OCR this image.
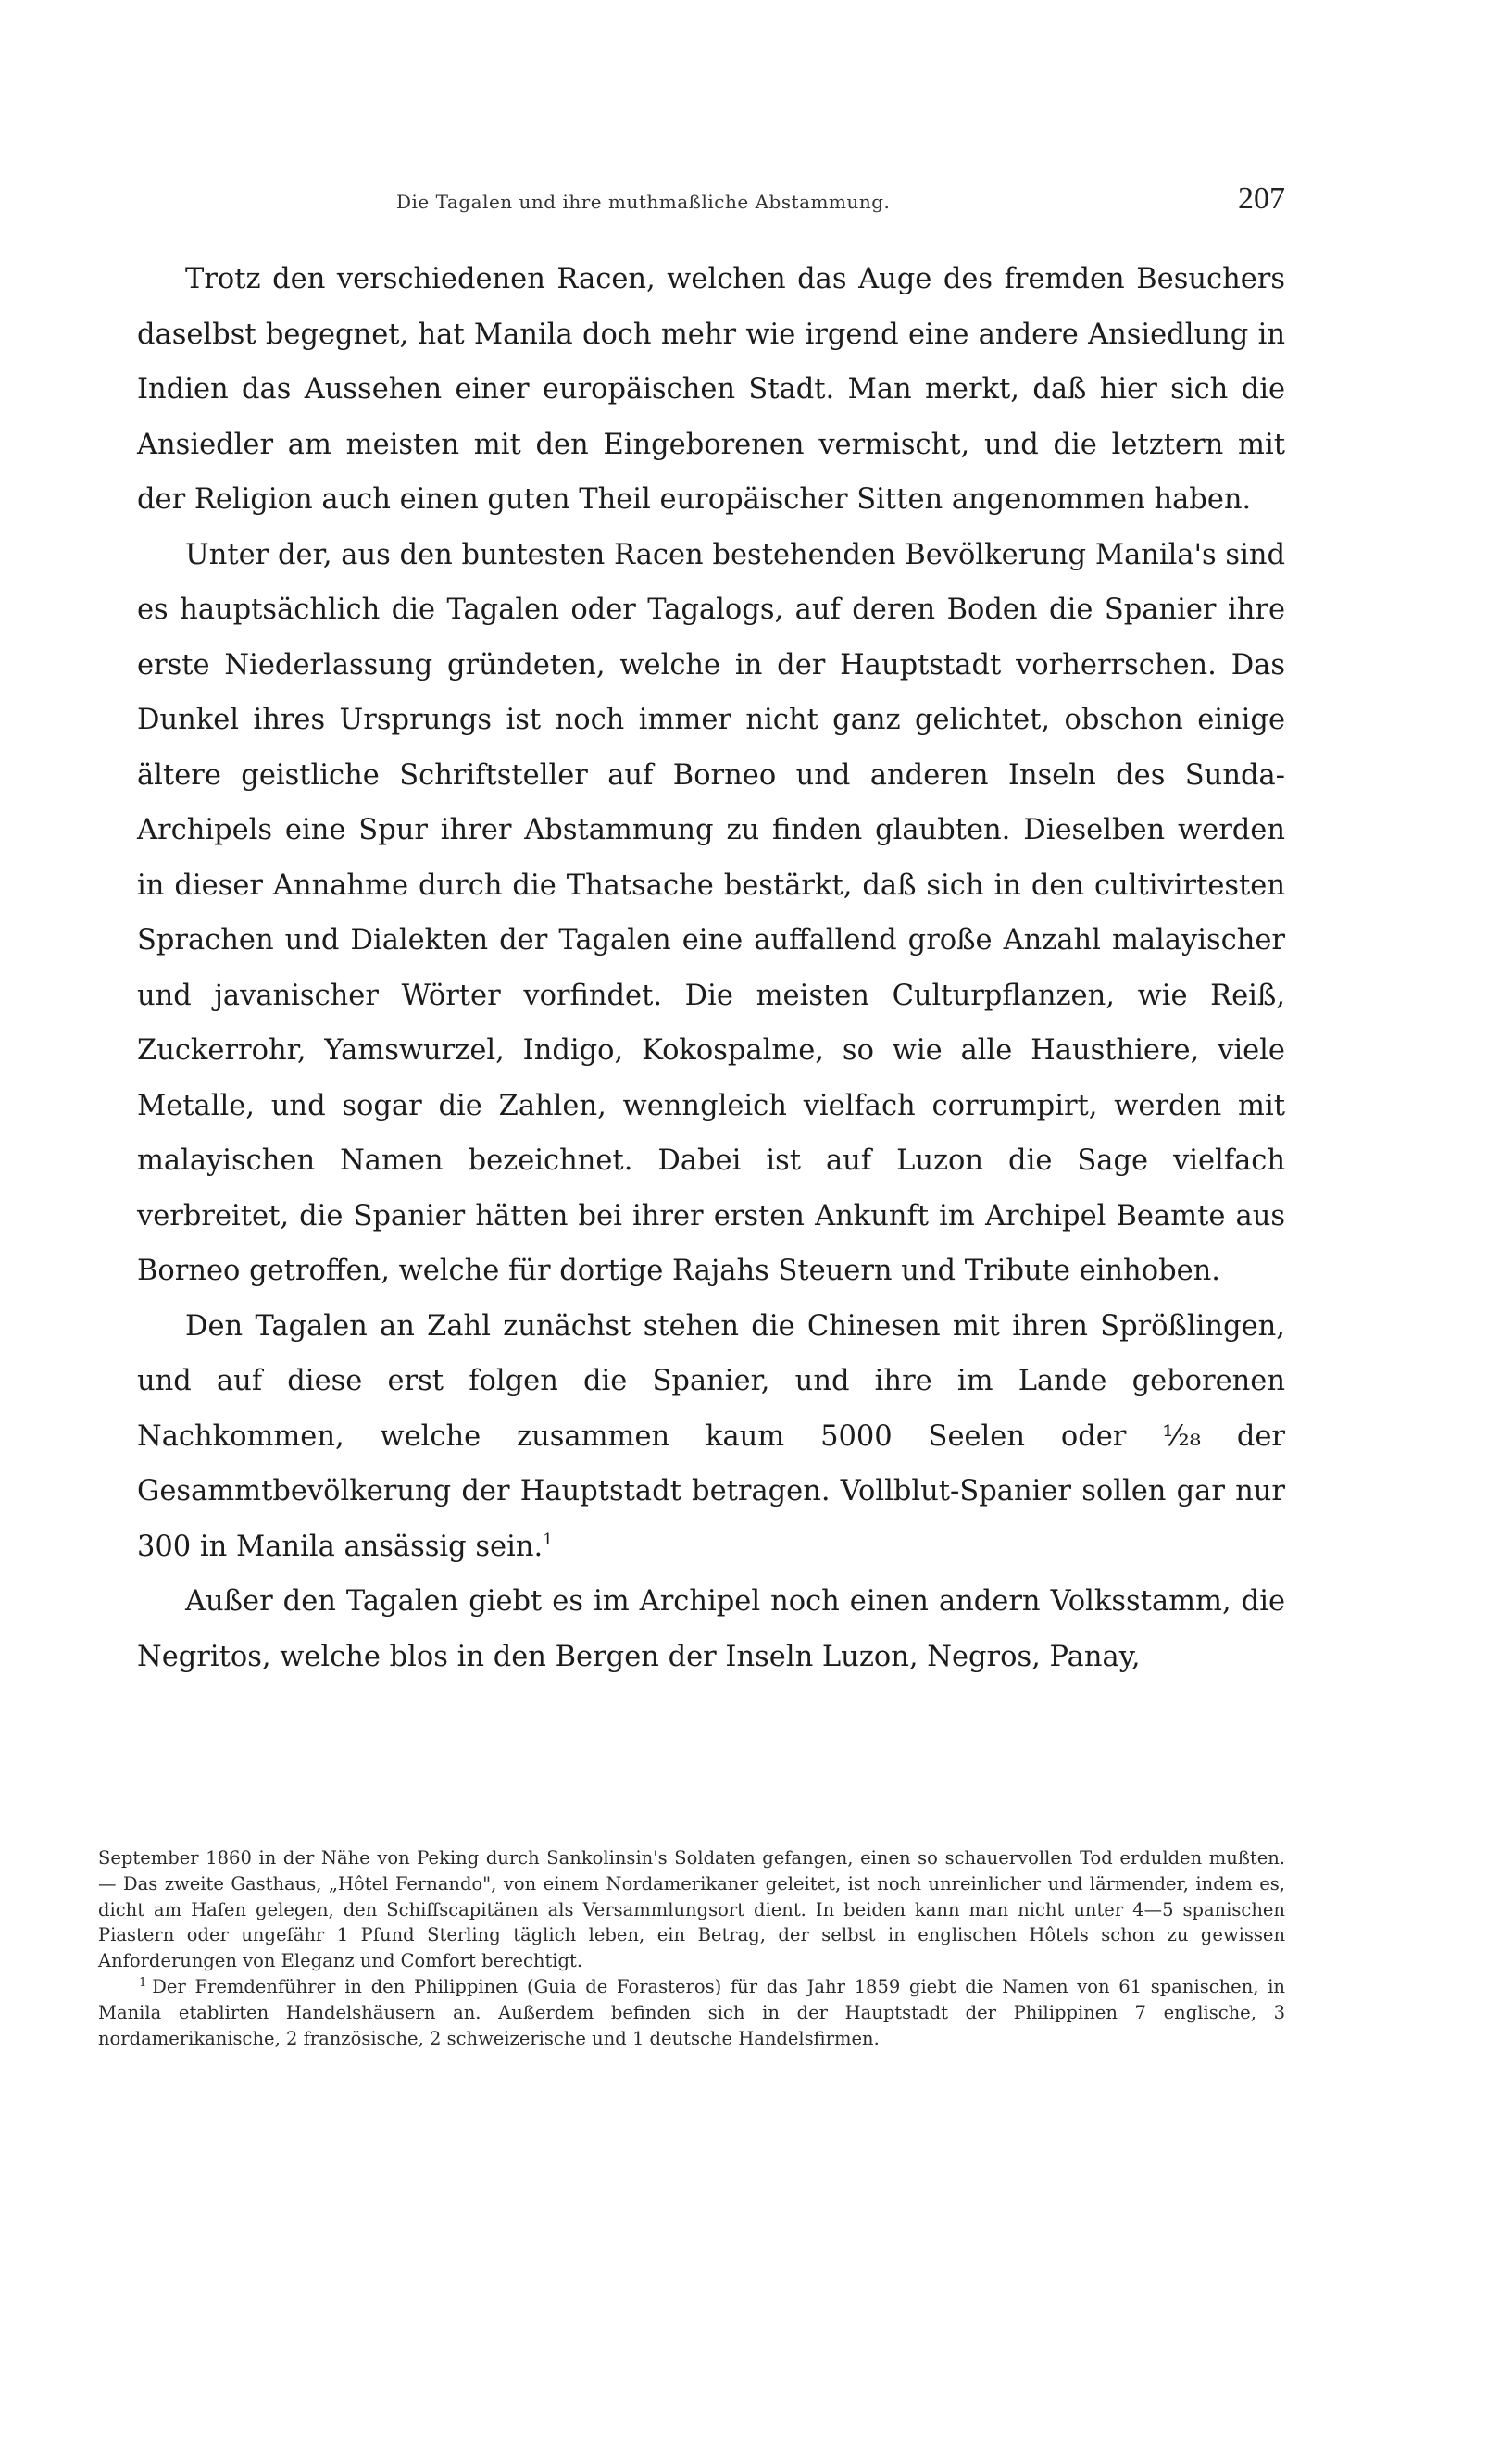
Die Tagalen und ihre muthmaßliche Abstammung.	207

Trotz den verschiedenen Racen, welchen das Auge des fremden Besuchers daselbst begegnet, hat Manila doch mehr wie irgend eine andere Ansiedlung in Indien das Aussehen einer europäischen Stadt. Man merkt, daß hier sich die Ansiedler am meisten mit den Eingeborenen vermischt, und die letztern mit der Religion auch einen guten Theil europäischer Sitten angenommen haben.

Unter der, aus den buntesten Racen bestehenden Bevölkerung Manila's sind es hauptsächlich die Tagalen oder Tagalogs, auf deren Boden die Spanier ihre erste Niederlassung gründeten, welche in der Hauptstadt vorherrschen. Das Dunkel ihres Ursprungs ist noch immer nicht ganz gelichtet, obschon einige ältere geistliche Schriftsteller auf Borneo und anderen Inseln des Sunda-Archipels eine Spur ihrer Abstammung zu finden glaubten. Dieselben werden in dieser Annahme durch die Thatsache bestärkt, daß sich in den cultivirtesten Sprachen und Dialekten der Tagalen eine auffallend große Anzahl malayischer und javanischer Wörter vorfindet. Die meisten Culturpflanzen, wie Reiß, Zuckerrohr, Yamswurzel, Indigo, Kokospalme, so wie alle Hausthiere, viele Metalle, und sogar die Zahlen, wenngleich vielfach corrumpirt, werden mit malayischen Namen bezeichnet. Dabei ist auf Luzon die Sage vielfach verbreitet, die Spanier hätten bei ihrer ersten Ankunft im Archipel Beamte aus Borneo getroffen, welche für dortige Rajahs Steuern und Tribute einhoben.

Den Tagalen an Zahl zunächst stehen die Chinesen mit ihren Sprößlingen, und auf diese erst folgen die Spanier, und ihre im Lande geborenen Nachkommen, welche zusammen kaum 5000 Seelen oder ¹⁄₂₈ der Gesammtbevölkerung der Hauptstadt betragen. Vollblut-Spanier sollen gar nur 300 in Manila ansässig sein.$^1$

Außer den Tagalen giebt es im Archipel noch einen andern Volksstamm, die Negritos, welche blos in den Bergen der Inseln Luzon, Negros, Panay,

September 1860 in der Nähe von Peking durch Sankolinsin's Soldaten gefangen, einen so schauervollen Tod erdulden mußten. — Das zweite Gasthaus, „Hôtel Fernando", von einem Nordamerikaner geleitet, ist noch unreinlicher und lärmender, indem es, dicht am Hafen gelegen, den Schiffscapitänen als Versammlungsort dient. In beiden kann man nicht unter 4—5 spanischen Piastern oder ungefähr 1 Pfund Sterling täglich leben, ein Betrag, der selbst in englischen Hôtels schon zu gewissen Anforderungen von Eleganz und Comfort berechtigt.

$^1$ Der Fremdenführer in den Philippinen (Guia de Forasteros) für das Jahr 1859 giebt die Namen von 61 spanischen, in Manila etablirten Handelshäusern an. Außerdem befinden sich in der Hauptstadt der Philippinen 7 englische, 3 nordamerikanische, 2 französische, 2 schweizerische und 1 deutsche Handelsfirmen.
